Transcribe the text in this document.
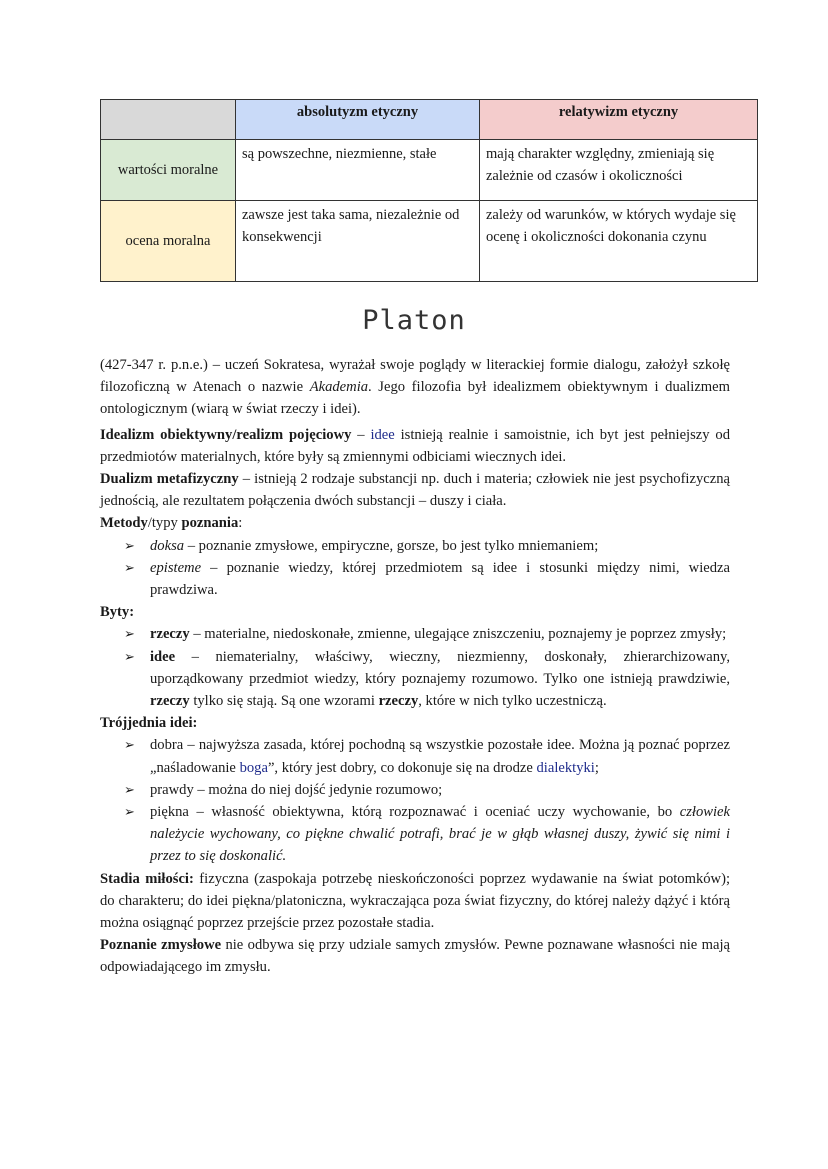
	absolutyzm etyczny	relatywizm etyczny
wartości moralne	są powszechne, niezmienne, stałe	mają charakter względny, zmieniają się zależnie od czasów i okoliczności
ocena moralna	zawsze jest taka sama, niezależnie od konsekwencji	zależy od warunków, w których wydaje się ocenę i okoliczności dokonania czynu
Platon

(427-347 r. p.n.e.) – uczeń Sokratesa, wyrażał swoje poglądy w literackiej formie dialogu, założył szkołę filozoficzną w Atenach o nazwie Akademia. Jego filozofia był idealizmem obiektywnym i dualizmem ontologicznym (wiarą w świat rzeczy i idei).

Idealizm obiektywny/realizm pojęciowy – idee istnieją realnie i samoistnie, ich byt jest pełniejszy od przedmiotów materialnych, które były są zmiennymi odbiciami wiecznych idei.

Dualizm metafizyczny – istnieją 2 rodzaje substancji np. duch i materia; człowiek nie jest psychofizyczną jednością, ale rezultatem połączenia dwóch substancji – duszy i ciała.

Metody/typy poznania:

➢ doksa – poznanie zmysłowe, empiryczne, gorsze, bo jest tylko mniemaniem;
➢ episteme – poznanie wiedzy, której przedmiotem są idee i stosunki między nimi, wiedza prawdziwa.

Byty:

➢ rzeczy – materialne, niedoskonałe, zmienne, ulegające zniszczeniu, poznajemy je poprzez zmysły;
➢ idee – niematerialny, właściwy, wieczny, niezmienny, doskonały, zhierarchizowany, uporządkowany przedmiot wiedzy, który poznajemy rozumowo. Tylko one istnieją prawdziwie, rzeczy tylko się stają. Są one wzorami rzeczy, które w nich tylko uczestniczą.

Trójjednia idei:

➢ dobra – najwyższa zasada, której pochodną są wszystkie pozostałe idee. Można ją poznać poprzez „naśladowanie boga”, który jest dobry, co dokonuje się na drodze dialektyki;
➢ prawdy – można do niej dojść jedynie rozumowo;
➢ piękna – własność obiektywna, którą rozpoznawać i oceniać uczy wychowanie, bo człowiek należycie wychowany, co piękne chwalić potrafi, brać je w głąb własnej duszy, żywić się nimi i przez to się doskonalić.

Stadia miłości: fizyczna (zaspokaja potrzebę nieskończoności poprzez wydawanie na świat potomków); do charakteru; do idei piękna/platoniczna, wykraczająca poza świat fizyczny, do której należy dążyć i którą można osiągnąć poprzez przejście przez pozostałe stadia.

Poznanie zmysłowe nie odbywa się przy udziale samych zmysłów. Pewne poznawane własności nie mają odpowiadającego im zmysłu.
